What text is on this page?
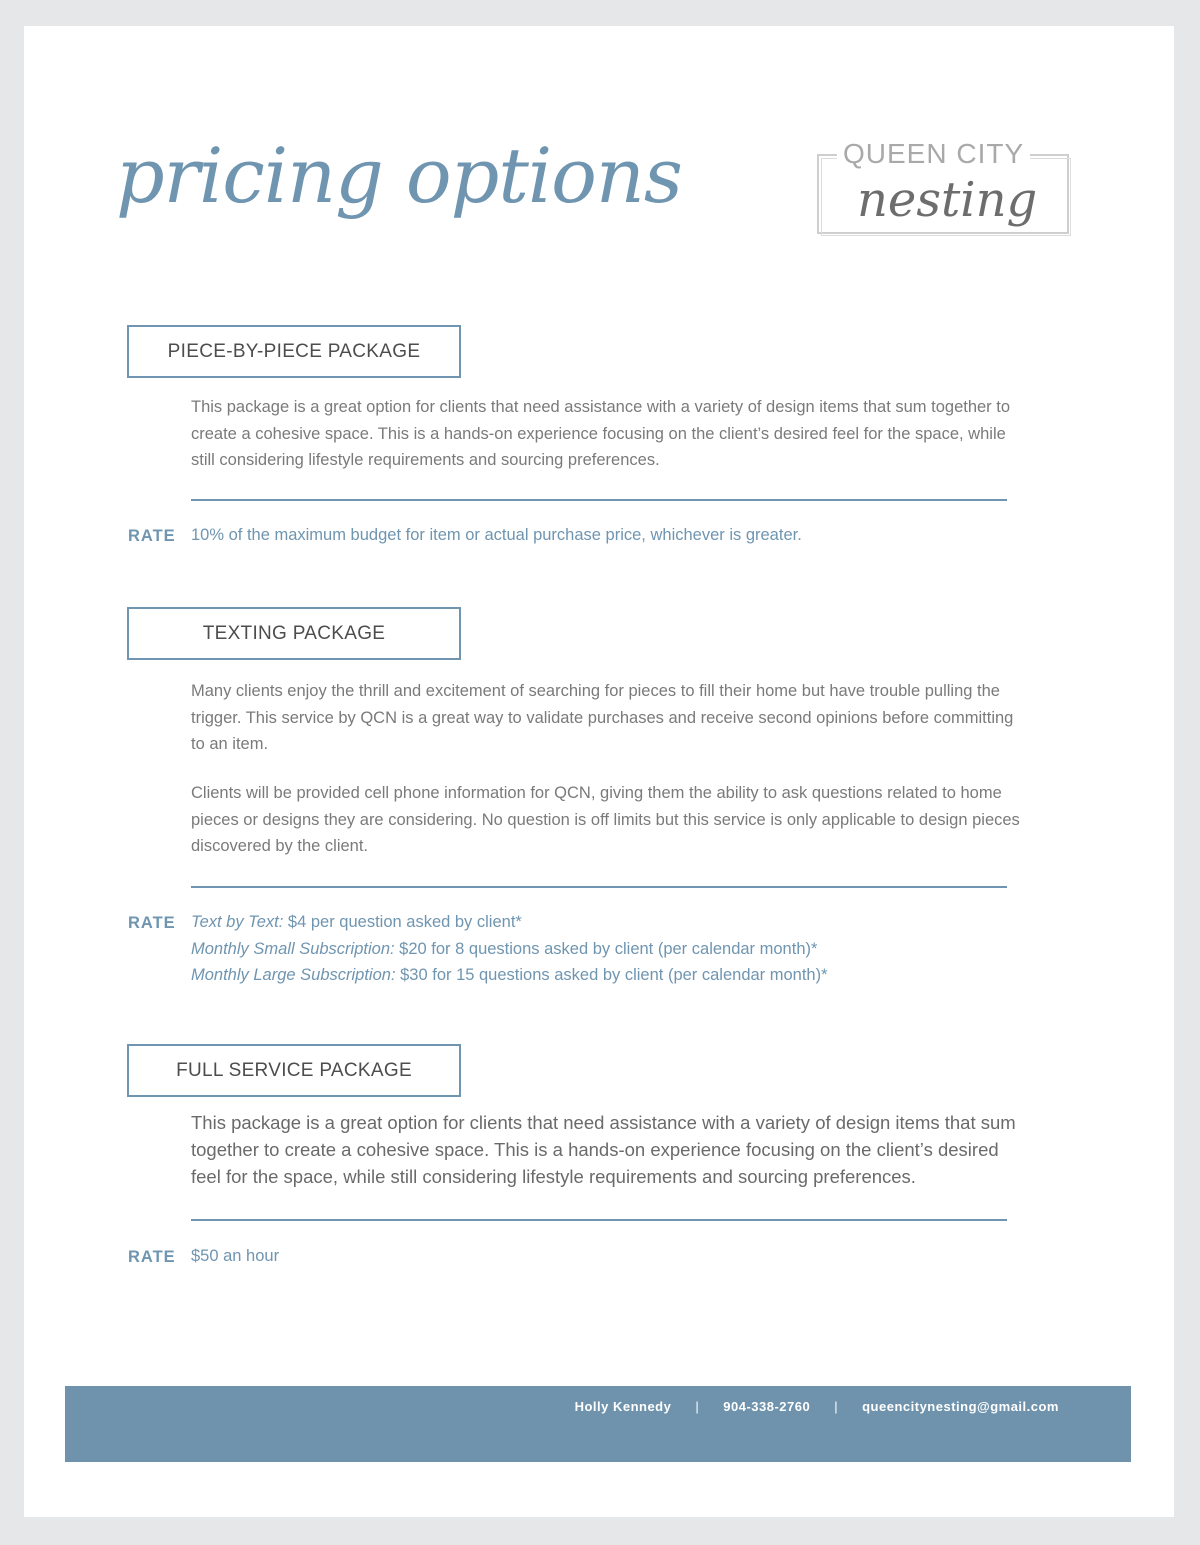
pricing options	QUEEN CITY
nesting
PIECE-BY-PIECE PACKAGE

This package is a great option for clients that need assistance with a variety of design items that sum together to create a cohesive space. This is a hands-on experience focusing on the client’s desired feel for the space, while still considering lifestyle requirements and sourcing preferences.

RATE 10% of the maximum budget for item or actual purchase price, whichever is greater.
TEXTING PACKAGE

Many clients enjoy the thrill and excitement of searching for pieces to fill their home but have trouble pulling the trigger. This service by QCN is a great way to validate purchases and receive second opinions before committing to an item.

Clients will be provided cell phone information for QCN, giving them the ability to ask questions related to home pieces or designs they are considering. No question is off limits but this service is only applicable to design pieces discovered by the client.

RATE Text by Text: $4 per question asked by client*
Monthly Small Subscription: $20 for 8 questions asked by client (per calendar month)*
Monthly Large Subscription: $30 for 15 questions asked by client (per calendar month)*
FULL SERVICE PACKAGE

This package is a great option for clients that need assistance with a variety of design items that sum together to create a cohesive space. This is a hands-on experience focusing on the client’s desired feel for the space, while still considering lifestyle requirements and sourcing preferences.

RATE $50 an hour
Holly Kennedy | 904-338-2760 | queencitynesting@gmail.com
